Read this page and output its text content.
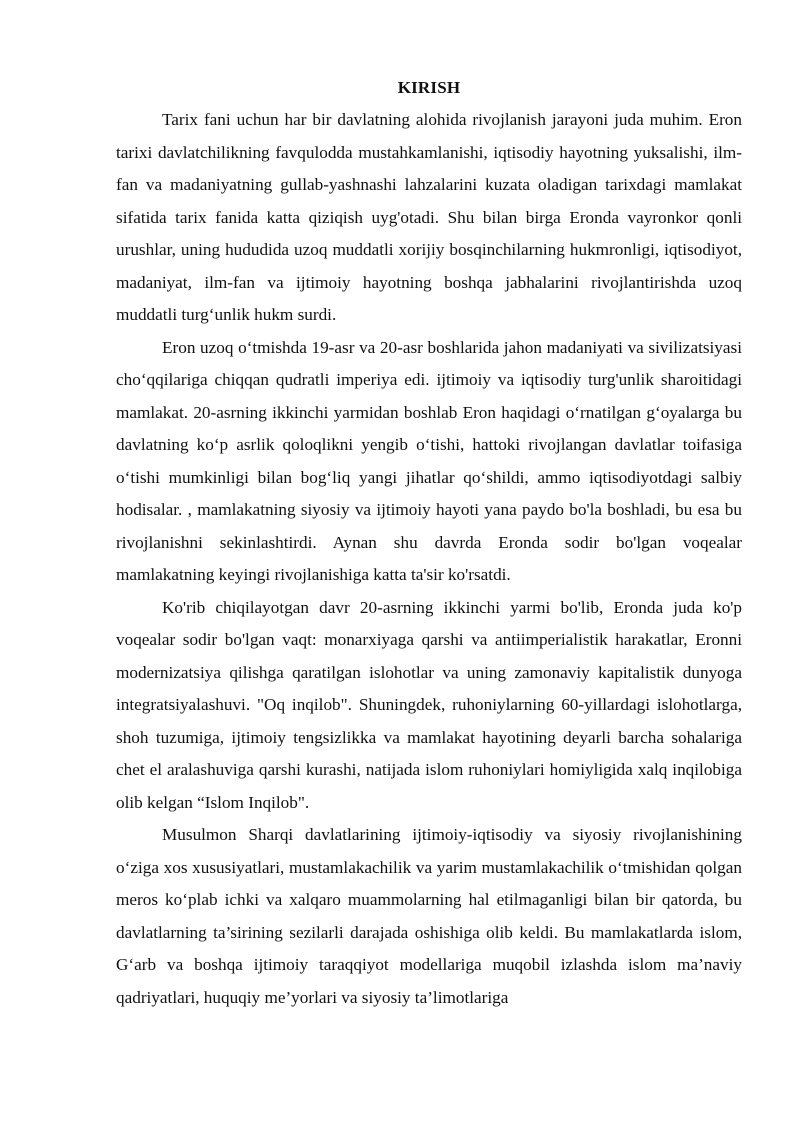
KIRISH

Tarix fani uchun har bir davlatning alohida rivojlanish jarayoni juda muhim. Eron tarixi davlatchilikning favqulodda mustahkamlanishi, iqtisodiy hayotning yuksalishi, ilm-fan va madaniyatning gullab-yashnashi lahzalarini kuzata oladigan tarixdagi mamlakat sifatida tarix fanida katta qiziqish uyg'otadi. Shu bilan birga Eronda vayronkor qonli urushlar, uning hududida uzoq muddatli xorijiy bosqinchilarning hukmronligi, iqtisodiyot, madaniyat, ilm-fan va ijtimoiy hayotning boshqa jabhalarini rivojlantirishda uzoq muddatli turg‘unlik hukm surdi.

Eron uzoq o‘tmishda 19-asr va 20-asr boshlarida jahon madaniyati va sivilizatsiyasi cho‘qqilariga chiqqan qudratli imperiya edi. ijtimoiy va iqtisodiy turg'unlik sharoitidagi mamlakat. 20-asrning ikkinchi yarmidan boshlab Eron haqidagi o‘rnatilgan g‘oyalarga bu davlatning ko‘p asrlik qoloqlikni yengib o‘tishi, hattoki rivojlangan davlatlar toifasiga o‘tishi mumkinligi bilan bog‘liq yangi jihatlar qo‘shildi, ammo iqtisodiyotdagi salbiy hodisalar. , mamlakatning siyosiy va ijtimoiy hayoti yana paydo bo'la boshladi, bu esa bu rivojlanishni sekinlashtirdi. Aynan shu davrda Eronda sodir bo'lgan voqealar mamlakatning keyingi rivojlanishiga katta ta'sir ko'rsatdi.

Ko'rib chiqilayotgan davr 20-asrning ikkinchi yarmi bo'lib, Eronda juda ko'p voqealar sodir bo'lgan vaqt: monarxiyaga qarshi va antiimperialistik harakatlar, Eronni modernizatsiya qilishga qaratilgan islohotlar va uning zamonaviy kapitalistik dunyoga integratsiyalashuvi. "Oq inqilob". Shuningdek, ruhoniylarning 60-yillardagi islohotlarga, shoh tuzumiga, ijtimoiy tengsizlikka va mamlakat hayotining deyarli barcha sohalariga chet el aralashuviga qarshi kurashi, natijada islom ruhoniylari homiyligida xalq inqilobiga olib kelgan “Islom Inqilob".

Musulmon Sharqi davlatlarining ijtimoiy-iqtisodiy va siyosiy rivojlanishining o‘ziga xos xususiyatlari, mustamlakachilik va yarim mustamlakachilik o‘tmishidan qolgan meros ko‘plab ichki va xalqaro muammolarning hal etilmaganligi bilan bir qatorda, bu davlatlarning ta’sirining sezilarli darajada oshishiga olib keldi. Bu mamlakatlarda islom, G‘arb va boshqa ijtimoiy taraqqiyot modellariga muqobil izlashda islom ma’naviy qadriyatlari, huquqiy me’yorlari va siyosiy ta’limotlariga
